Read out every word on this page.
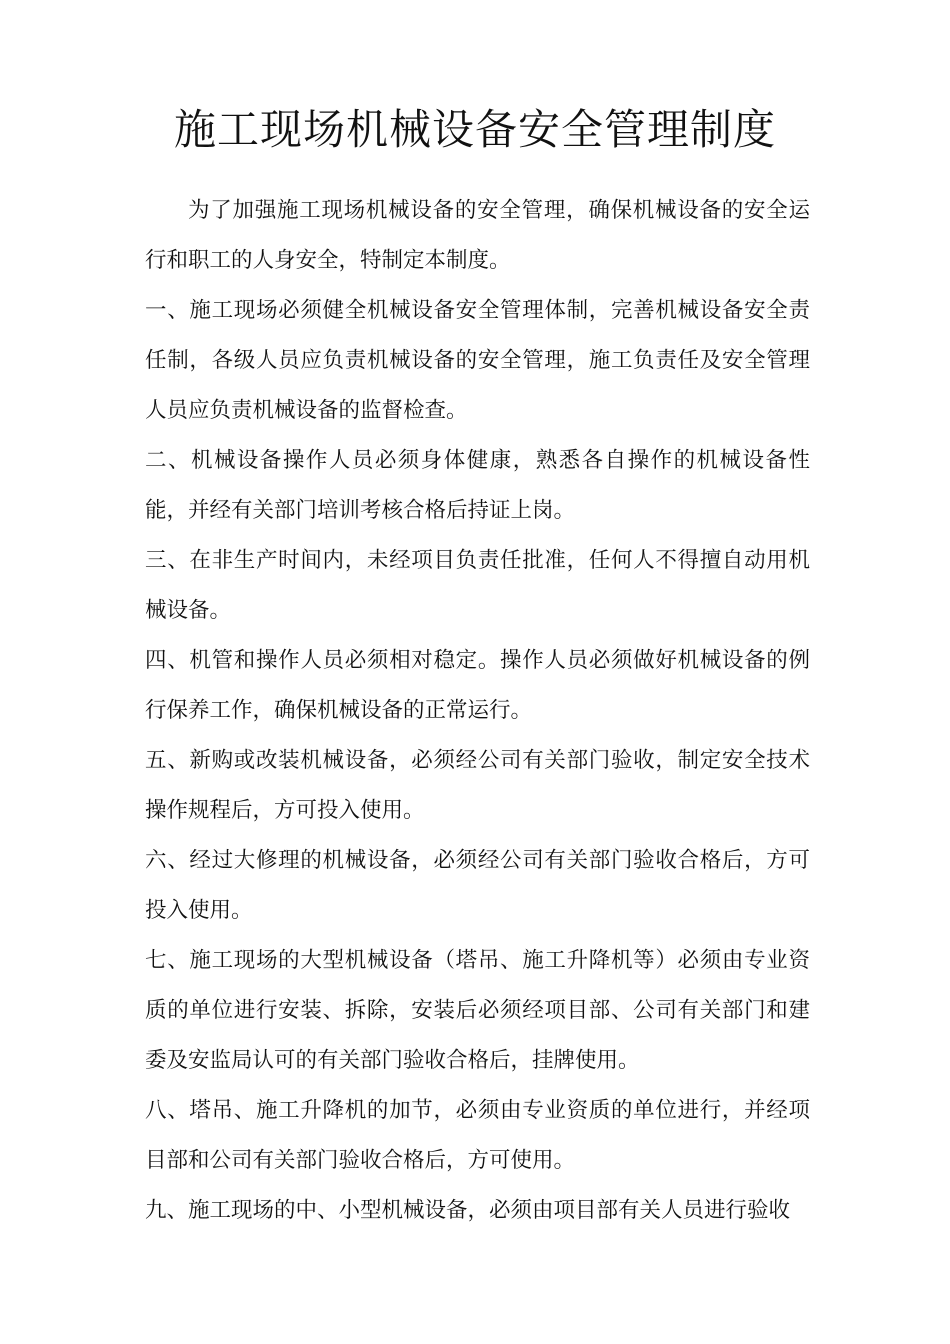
施工现场机械设备安全管理制度

为了加强施工现场机械设备的安全管理，确保机械设备的安全运行和职工的人身安全，特制定本制度。

一、施工现场必须健全机械设备安全管理体制，完善机械设备安全责任制，各级人员应负责机械设备的安全管理，施工负责任及安全管理人员应负责机械设备的监督检查。

二、机械设备操作人员必须身体健康，熟悉各自操作的机械设备性能，并经有关部门培训考核合格后持证上岗。

三、在非生产时间内，未经项目负责任批准，任何人不得擅自动用机械设备。

四、机管和操作人员必须相对稳定。操作人员必须做好机械设备的例行保养工作，确保机械设备的正常运行。

五、新购或改装机械设备，必须经公司有关部门验收，制定安全技术操作规程后，方可投入使用。

六、经过大修理的机械设备，必须经公司有关部门验收合格后，方可投入使用。

七、施工现场的大型机械设备（塔吊、施工升降机等）必须由专业资质的单位进行安装、拆除，安装后必须经项目部、公司有关部门和建委及安监局认可的有关部门验收合格后，挂牌使用。

八、塔吊、施工升降机的加节，必须由专业资质的单位进行，并经项目部和公司有关部门验收合格后，方可使用。

九、施工现场的中、小型机械设备，必须由项目部有关人员进行验收
